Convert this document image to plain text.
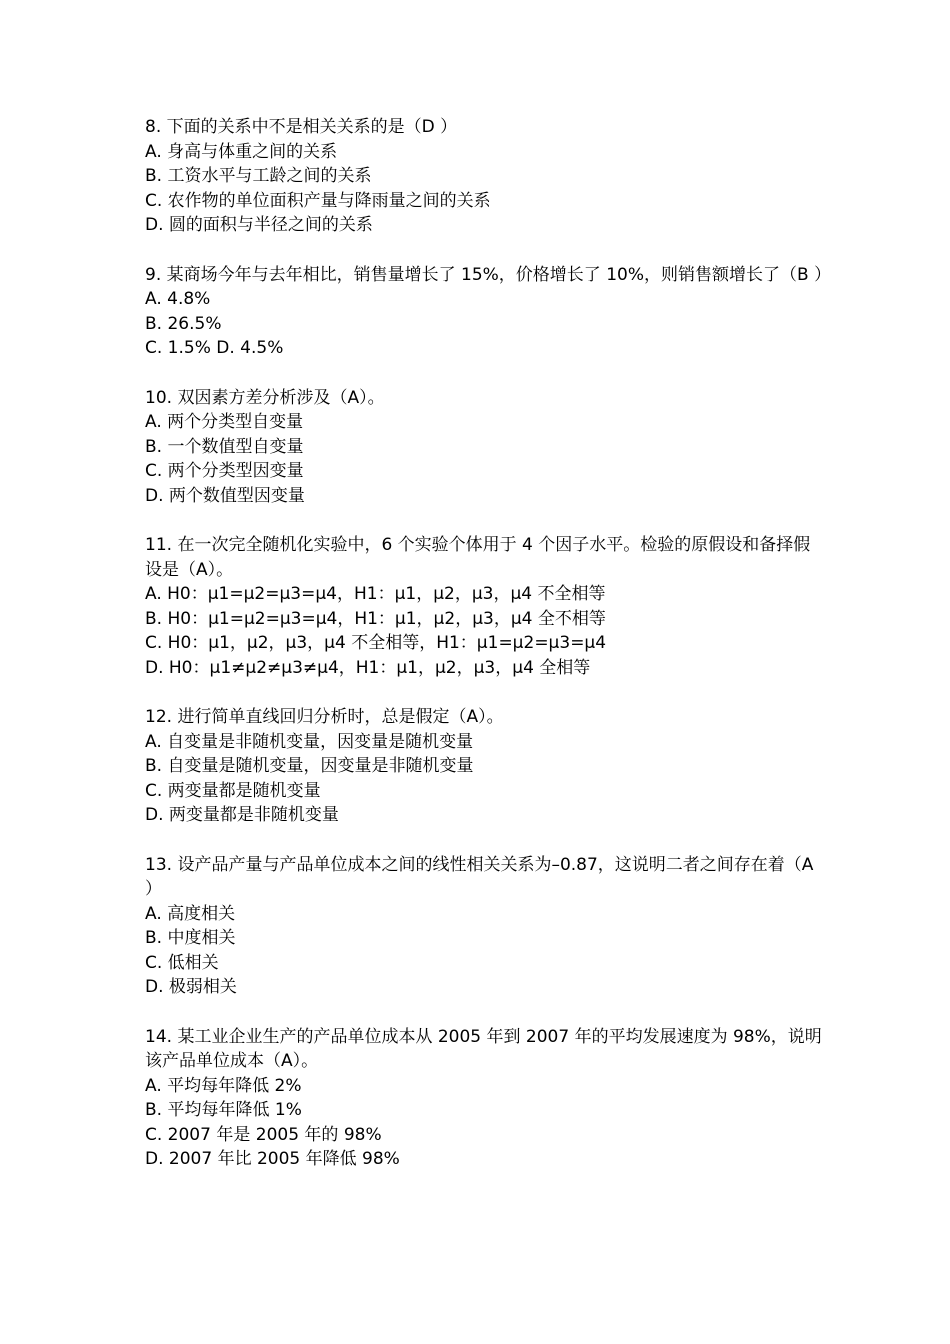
8. 下面的关系中不是相关关系的是（D ）
A. 身高与体重之间的关系
B. 工资水平与工龄之间的关系
C. 农作物的单位面积产量与降雨量之间的关系
D. 圆的面积与半径之间的关系
9. 某商场今年与去年相比，销售量增长了 15%，价格增长了 10%，则销售额增长了（B ）
A. 4.8%
B. 26.5%
C. 1.5% D. 4.5%
10. 双因素方差分析涉及（A）。
A. 两个分类型自变量
B. 一个数值型自变量
C. 两个分类型因变量
D. 两个数值型因变量
11. 在一次完全随机化实验中，6 个实验个体用于 4 个因子水平。检验的原假设和备择假设是（A）。
A. H0：μ1=μ2=μ3=μ4，H1：μ1，μ2，μ3，μ4 不全相等
B. H0：μ1=μ2=μ3=μ4，H1：μ1，μ2，μ3，μ4 全不相等
C. H0：μ1，μ2，μ3，μ4 不全相等，H1：μ1=μ2=μ3=μ4
D. H0：μ1≠μ2≠μ3≠μ4，H1：μ1，μ2，μ3，μ4 全相等
12. 进行简单直线回归分析时，总是假定（A）。
A. 自变量是非随机变量，因变量是随机变量
B. 自变量是随机变量，因变量是非随机变量
C. 两变量都是随机变量
D. 两变量都是非随机变量
13. 设产品产量与产品单位成本之间的线性相关关系为–0.87，这说明二者之间存在着（A ）
A. 高度相关
B. 中度相关
C. 低相关
D. 极弱相关
14. 某工业企业生产的产品单位成本从 2005 年到 2007 年的平均发展速度为 98%，说明该产品单位成本（A）。
A. 平均每年降低 2%
B. 平均每年降低 1%
C. 2007 年是 2005 年的 98%
D. 2007 年比 2005 年降低 98%
